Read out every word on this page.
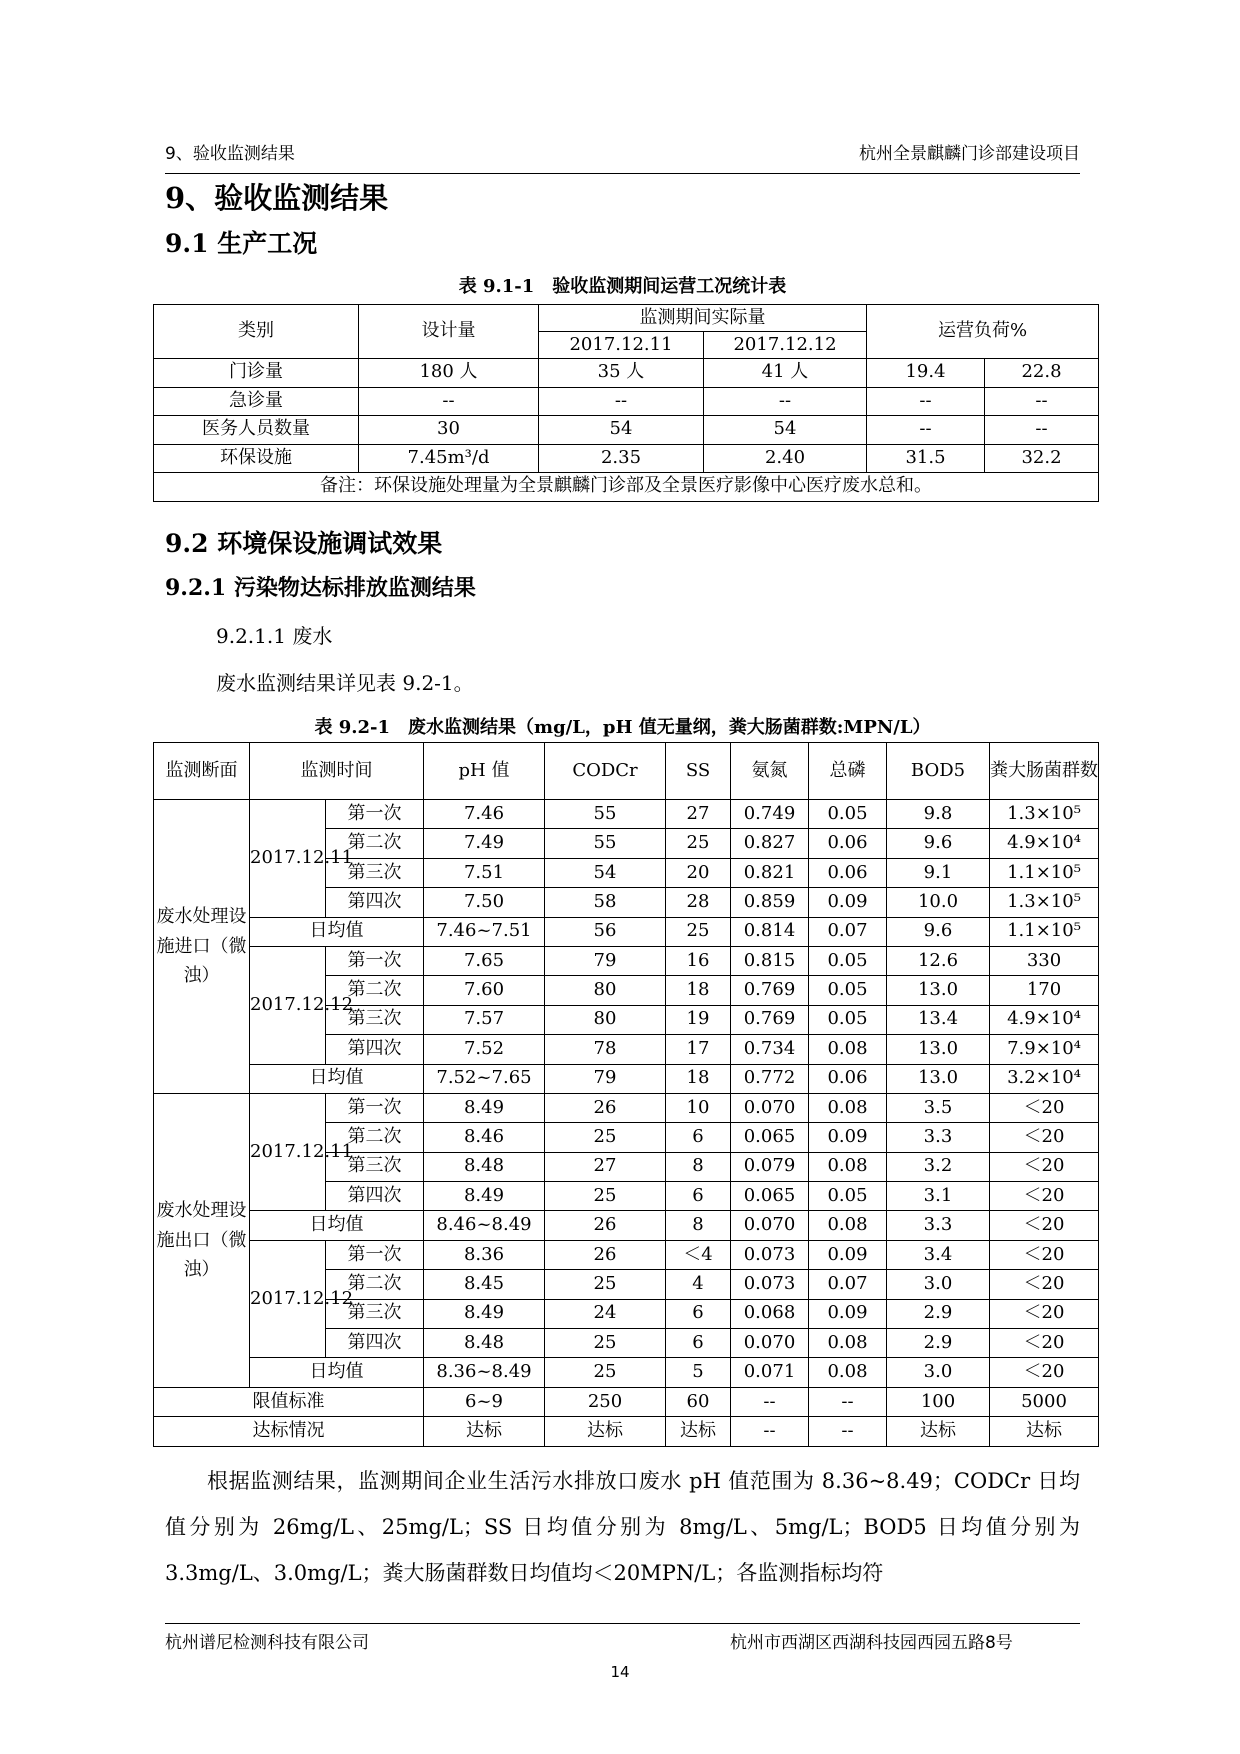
9、验收监测结果	杭州全景麒麟门诊部建设项目
9、验收监测结果
9.1 生产工况
表 9.1-1　验收监测期间运营工况统计表
类别	设计量	监测期间实际量		运营负荷%	
		2017.12.11	2017.12.12		
门诊量	180 人	35 人	41 人	19.4	22.8
急诊量	--	--	--	--	--
医务人员数量	30	54	54	--	--
环保设施	7.45m³/d	2.35	2.40	31.5	32.2
备注：环保设施处理量为全景麒麟门诊部及全景医疗影像中心医疗废水总和。					
9.2 环境保设施调试效果
9.2.1 污染物达标排放监测结果
9.2.1.1 废水
废水监测结果详见表 9.2-1。
表 9.2-1　废水监测结果（mg/L，pH 值无量纲，粪大肠菌群数:MPN/L）
监测断面	监测时间		pH 值	CODCr	SS	氨氮	总磷	BOD5	粪大肠菌群数
废水处理设施进口（微浊）	2017.12.11	第一次	7.46	55	27	0.749	0.05	9.8	1.3×10⁵
		第二次	7.49	55	25	0.827	0.06	9.6	4.9×10⁴
		第三次	7.51	54	20	0.821	0.06	9.1	1.1×10⁵
		第四次	7.50	58	28	0.859	0.09	10.0	1.3×10⁵
	日均值		7.46~7.51	56	25	0.814	0.07	9.6	1.1×10⁵
	2017.12.12	第一次	7.65	79	16	0.815	0.05	12.6	330
		第二次	7.60	80	18	0.769	0.05	13.0	170
		第三次	7.57	80	19	0.769	0.05	13.4	4.9×10⁴
		第四次	7.52	78	17	0.734	0.08	13.0	7.9×10⁴
	日均值		7.52~7.65	79	18	0.772	0.06	13.0	3.2×10⁴
废水处理设施出口（微浊）	2017.12.11	第一次	8.49	26	10	0.070	0.08	3.5	＜20
		第二次	8.46	25	6	0.065	0.09	3.3	＜20
		第三次	8.48	27	8	0.079	0.08	3.2	＜20
		第四次	8.49	25	6	0.065	0.05	3.1	＜20
	日均值		8.46~8.49	26	8	0.070	0.08	3.3	＜20
	2017.12.12	第一次	8.36	26	＜4	0.073	0.09	3.4	＜20
		第二次	8.45	25	4	0.073	0.07	3.0	＜20
		第三次	8.49	24	6	0.068	0.09	2.9	＜20
		第四次	8.48	25	6	0.070	0.08	2.9	＜20
	日均值		8.36~8.49	25	5	0.071	0.08	3.0	＜20
限值标准			6~9	250	60	--	--	100	5000
达标情况			达标	达标	达标	--	--	达标	达标
根据监测结果，监测期间企业生活污水排放口废水 pH 值范围为 8.36~8.49；CODCr 日均值分别为 26mg/L、25mg/L；SS 日均值分别为 8mg/L、5mg/L；BOD5 日均值分别为 3.3mg/L、3.0mg/L；粪大肠菌群数日均值均＜20MPN/L；各监测指标均符
杭州谱尼检测科技有限公司	杭州市西湖区西湖科技园西园五路8号
14
